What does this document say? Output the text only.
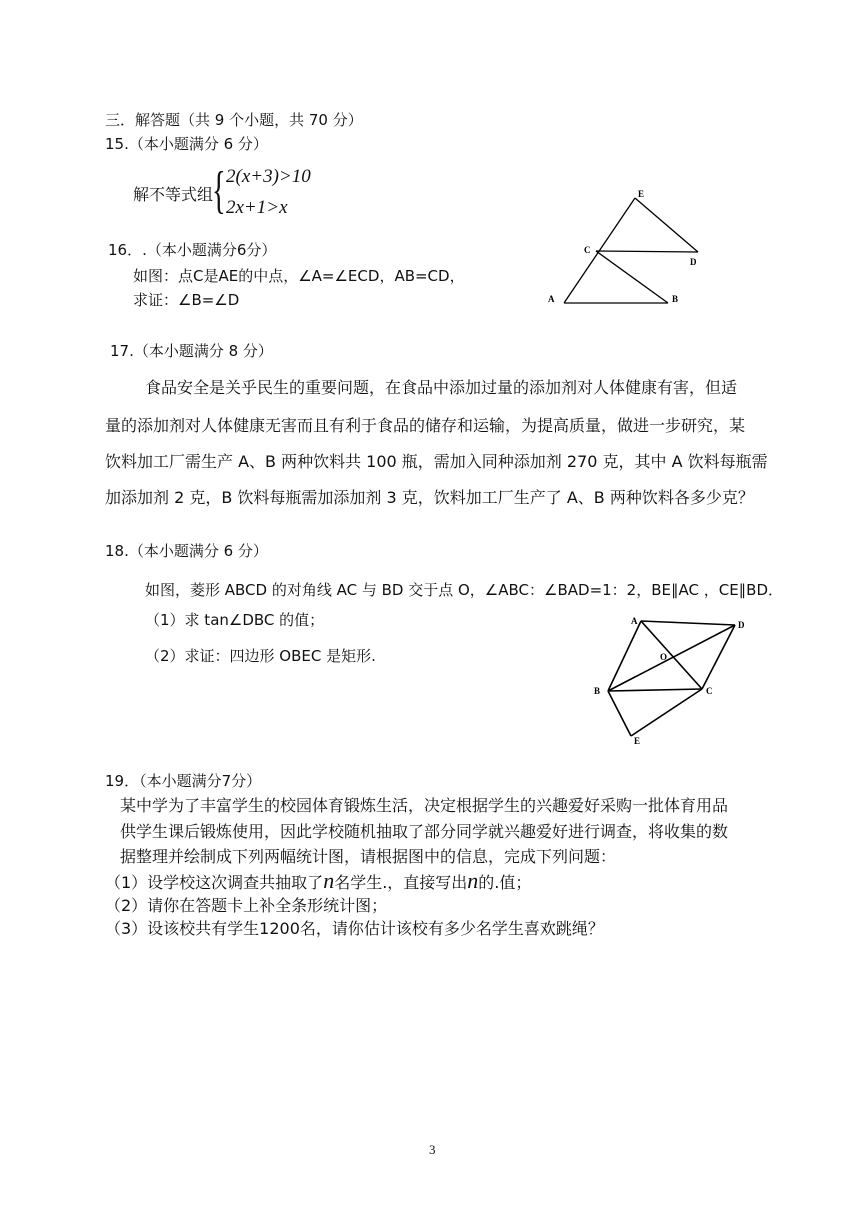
三．解答题（共 9 个小题，共 70 分）
15.（本小题满分 6 分）
解不等式组
{ 2(x+3)>10
2x+1>x
16．.（本小题满分6分）
如图：点C是AE的中点，∠A=∠ECD，AB=CD，
求证：∠B=∠D
E
C
D
A	B
17.（本小题满分 8 分）
食品安全是关乎民生的重要问题，在食品中添加过量的添加剂对人体健康有害，但适
量的添加剂对人体健康无害而且有利于食品的储存和运输，为提高质量，做进一步研究，某
饮料加工厂需生产 A、B 两种饮料共 100 瓶，需加入同种添加剂 270 克，其中 A 饮料每瓶需
加添加剂 2 克，B 饮料每瓶需加添加剂 3 克，饮料加工厂生产了 A、B 两种饮料各多少克？
18.（本小题满分 6 分）
如图，菱形 ABCD 的对角线 AC 与 BD 交于点 O，∠ABC：∠BAD=1：2，BE∥AC ，CE∥BD．
（1）求 tan∠DBC 的值；
（2）求证：四边形 OBEC 是矩形.
A	D
O
B	C
E
19．（本小题满分7分）
某中学为了丰富学生的校园体育锻炼生活，决定根据学生的兴趣爱好采购一批体育用品
供学生课后锻炼使用，因此学校随机抽取了部分同学就兴趣爱好进行调查，将收集的数
据整理并绘制成下列两幅统计图，请根据图中的信息，完成下列问题：
（1）设学校这次调查共抽取了n名学生.，直接写出n的.值；
（2）请你在答题卡上补全条形统计图；
（3）设该校共有学生1200名，请你估计该校有多少名学生喜欢跳绳？
3
